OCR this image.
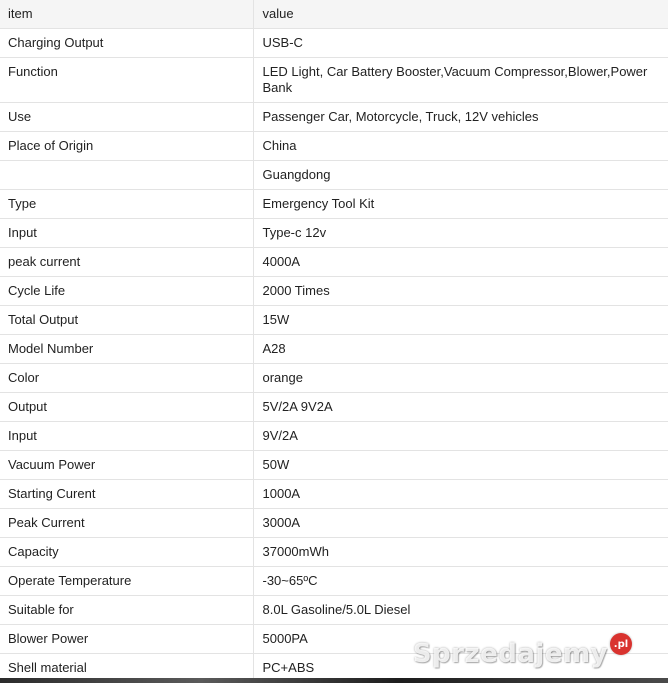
item	value
Charging Output	USB-C
Function	LED Light, Car Battery Booster,Vacuum Compressor,Blower,Power Bank
Use	Passenger Car, Motorcycle, Truck, 12V vehicles
Place of Origin	China
	Guangdong
Type	Emergency Tool Kit
Input	Type-c 12v
peak current	4000A
Cycle Life	2000 Times
Total Output	15W
Model Number	A28
Color	orange
Output	5V/2A 9V2A
Input	9V/2A
Vacuum Power	50W
Starting Curent	1000A
Peak Current	3000A
Capacity	37000mWh
Operate Temperature	-30~65ºC
Suitable for	8.0L Gasoline/5.0L Diesel
Blower Power	5000PA
Shell material	PC+ABS	Sprzedajemy .pl
